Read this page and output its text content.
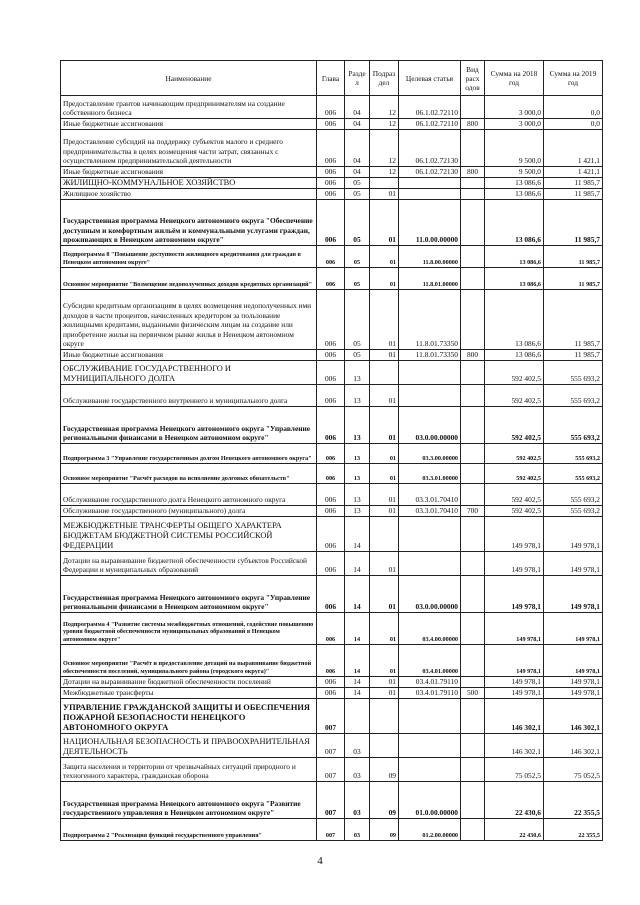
Наименование	Глава	Разде л	Подраз дел	Целевая статья	Вид расх одов	Сумма на 2018 год	Сумма на 2019 год
Предоставление грантов начинающим предпринимателям на создание собственного бизнеса	006	04	12	06.1.02.72110		3 000,0	0,0
Иные бюджетные ассигнования	006	04	12	06.1.02.72110	800	3 000,0	0,0
Предоставление субсидий на поддержку субъектов малого и среднего предпринимательства в целях возмещения части затрат, связанных с осуществлением предпринимательской деятельности	006	04	12	06.1.02.72130		9 500,0	1 421,1
Иные бюджетные ассигнования	006	04	12	06.1.02.72130	800	9 500,0	1 421,1
ЖИЛИЩНО-КОММУНАЛЬНОЕ ХОЗЯЙСТВО	006	05				13 086,6	11 985,7
Жилищное хозяйство	006	05	01			13 086,6	11 985,7
Государственная программа Ненецкого автономного округа "Обеспечение доступным и комфортным жильём и коммунальными услугами граждан, проживающих в Ненецком автономном округе"	006	05	01	11.0.00.00000		13 086,6	11 985,7
Подпрограмма 8 "Повышение доступности жилищного кредитования для граждан в Ненецком автономном округе"	006	05	01	11.8.00.00000		13 086,6	11 985,7
Основное мероприятие "Возмещение недополученных доходов кредитных организаций"	006	05	01	11.8.01.00000		13 086,6	11 985,7
Субсидии кредитным организациям в целях возмещения недополученных ими доходов в части процентов, начисленных кредитором за пользование жилищными кредитами, выданными физическим лицам на создание или приобретение жилья на первичном рынке жилья в Ненецком автономном округе	006	05	01	11.8.01.73350		13 086,6	11 985,7
Иные бюджетные ассигнования	006	05	01	11.8.01.73350	800	13 086,6	11 985,7
ОБСЛУЖИВАНИЕ ГОСУДАРСТВЕННОГО И МУНИЦИПАЛЬНОГО ДОЛГА	006	13				592 402,5	555 693,2
Обслуживание государственного внутреннего и муниципального долга	006	13	01			592 402,5	555 693,2
Государственная программа Ненецкого автономного округа "Управление региональными финансами в Ненецком автономном округе"	006	13	01	03.0.00.00000		592 402,5	555 693,2
Подпрограмма 3 "Управление государственным долгом Ненецкого автономного округа"	006	13	01	03.3.00.00000		592 402,5	555 693,2
Основное мероприятие "Расчёт расходов на исполнение долговых обязательств"	006	13	01	03.3.01.00000		592 402,5	555 693,2
Обслуживание государственного долга Ненецкого автономного округа	006	13	01	03.3.01.70410		592 402,5	555 693,2
Обслуживание государственного (муниципального) долга	006	13	01	03.3.01.70410	700	592 402,5	555 693,2
МЕЖБЮДЖЕТНЫЕ ТРАНСФЕРТЫ ОБЩЕГО ХАРАКТЕРА БЮДЖЕТАМ БЮДЖЕТНОЙ СИСТЕМЫ РОССИЙСКОЙ ФЕДЕРАЦИИ	006	14				149 978,1	149 978,1
Дотации на выравнивание бюджетной обеспеченности субъектов Российской Федерации и муниципальных образований	006	14	01			149 978,1	149 978,1
Государственная программа Ненецкого автономного округа "Управление региональными финансами в Ненецком автономном округе"	006	14	01	03.0.00.00000		149 978,1	149 978,1
Подпрограмма 4 "Развитие системы межбюджетных отношений, содействие повышению уровня бюджетной обеспеченности муниципальных образований в Ненецком автономном округе"	006	14	01	03.4.00.00000		149 978,1	149 978,1
Основное мероприятие "Расчёт и предоставление дотаций на выравнивание бюджетной обеспеченности поселений, муниципального района (городского округа)"	006	14	01	03.4.01.00000		149 978,1	149 978,1
Дотации на выравнивание бюджетной обеспеченности поселений	006	14	01	03.4.01.79110		149 978,1	149 978,1
Межбюджетные трансферты	006	14	01	03.4.01.79110	500	149 978,1	149 978,1
УПРАВЛЕНИЕ ГРАЖДАНСКОЙ ЗАЩИТЫ И ОБЕСПЕЧЕНИЯ ПОЖАРНОЙ БЕЗОПАСНОСТИ НЕНЕЦКОГО АВТОНОМНОГО ОКРУГА	007					146 302,1	146 302,1
НАЦИОНАЛЬНАЯ БЕЗОПАСНОСТЬ И ПРАВООХРАНИТЕЛЬНАЯ ДЕЯТЕЛЬНОСТЬ	007	03				146 302,1	146 302,1
Защита населения и территории от чрезвычайных ситуаций природного и техногенного характера, гражданская оборона	007	03	09			75 052,5	75 052,5
Государственная программа Ненецкого автономного округа "Развитие государственного управления в Ненецком автономном округе"	007	03	09	01.0.00.00000		22 430,6	22 355,5
Подпрограмма 2 "Реализация функций государственного управления"	007	03	09	01.2.00.00000		22 430,6	22 355,5
4
